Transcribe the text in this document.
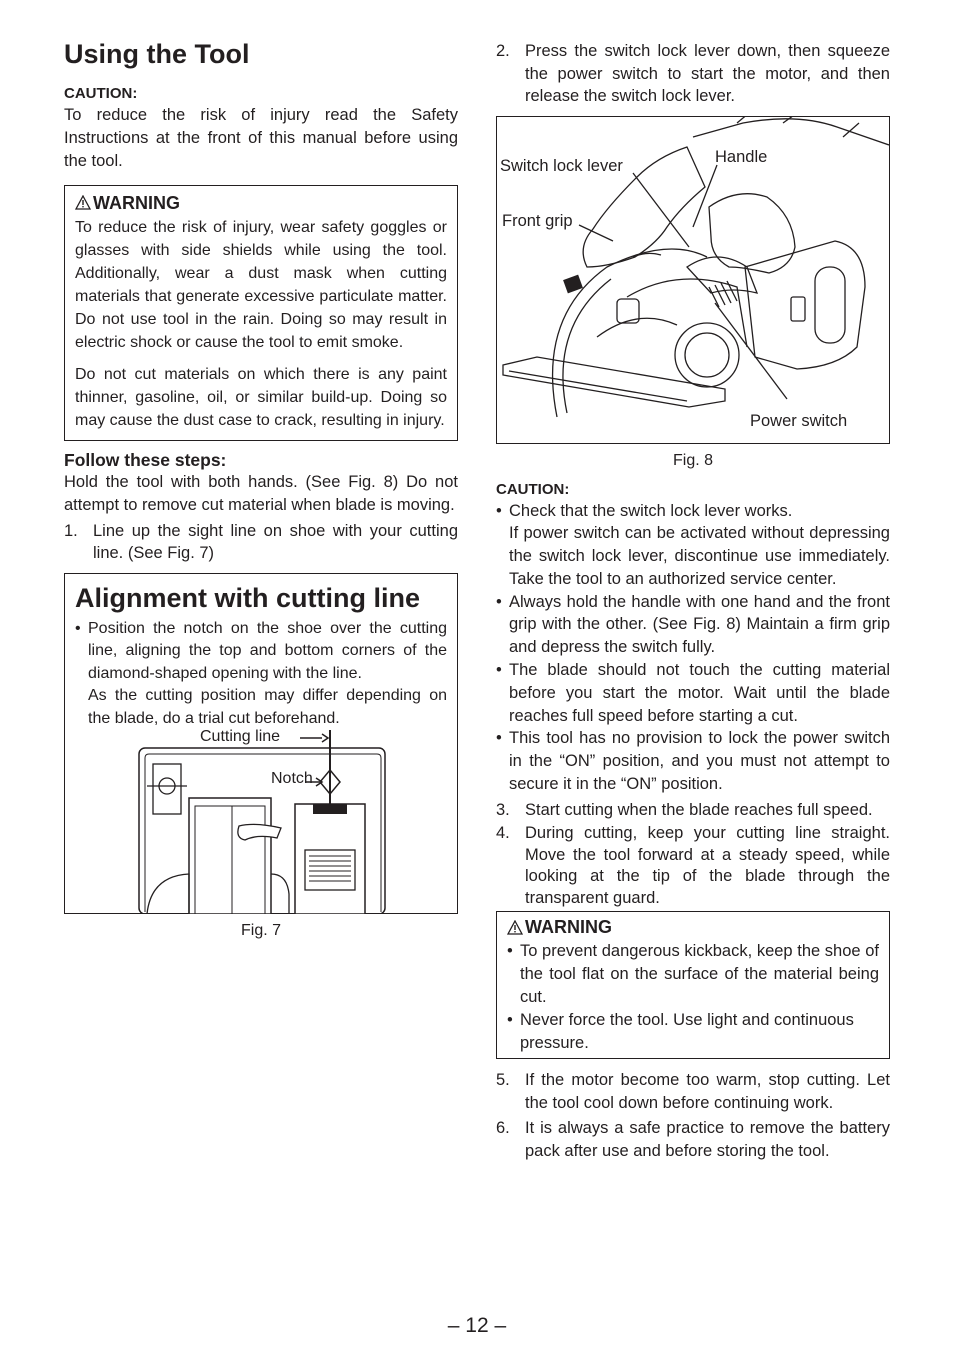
Using the Tool
CAUTION:

To reduce the risk of injury read the Safety Instructions at the front of this manual before using the tool.

WARNING

To reduce the risk of injury, wear safety goggles or glasses with side shields while using the tool. Additionally, wear a dust mask when cutting materials that generate excessive particulate matter. Do not use tool in the rain. Doing so may result in electric shock or cause the tool to emit smoke.

Do not cut materials on which there is any paint thinner, gasoline, oil, or similar build-up. Doing so may cause the dust case to crack, resulting in injury.

Follow these steps:

Hold the tool with both hands. (See Fig. 8) Do not attempt to remove cut material when blade is moving.

1. Line up the sight line on shoe with your cutting line. (See Fig. 7)
Alignment with cutting line
• Position the notch on the shoe over the cutting line, aligning the top and bottom corners of the diamond-shaped opening with the line.
As the cutting position may differ depending on the blade, do a trial cut beforehand.
Cutting line
Notch
Fig. 7
2. Press the switch lock lever down, then squeeze the power switch to start the motor, and then release the switch lock lever.
Switch lock lever	Handle
Front grip
Power switch
Fig. 8
CAUTION:
• Check that the switch lock lever works.
If power switch can be activated without depressing the switch lock lever, discontinue use immediately. Take the tool to an authorized service center.
• Always hold the handle with one hand and the front grip with the other. (See Fig. 8) Maintain a firm grip and depress the switch fully.
• The blade should not touch the cutting material before you start the motor. Wait until the blade reaches full speed before starting a cut.
• This tool has no provision to lock the power switch in the “ON” position, and you must not attempt to secure it in the “ON” position.
3. Start cutting when the blade reaches full speed.
4. During cutting, keep your cutting line straight. Move the tool forward at a steady speed, while looking at the tip of the blade through the transparent guard.
WARNING
• To prevent dangerous kickback, keep the shoe of the tool flat on the surface of the material being cut.
• Never force the tool. Use light and continuous pressure.
5. If the motor become too warm, stop cutting. Let the tool cool down before continuing work.
6. It is always a safe practice to remove the battery pack after use and before storing the tool.
– 12 –
